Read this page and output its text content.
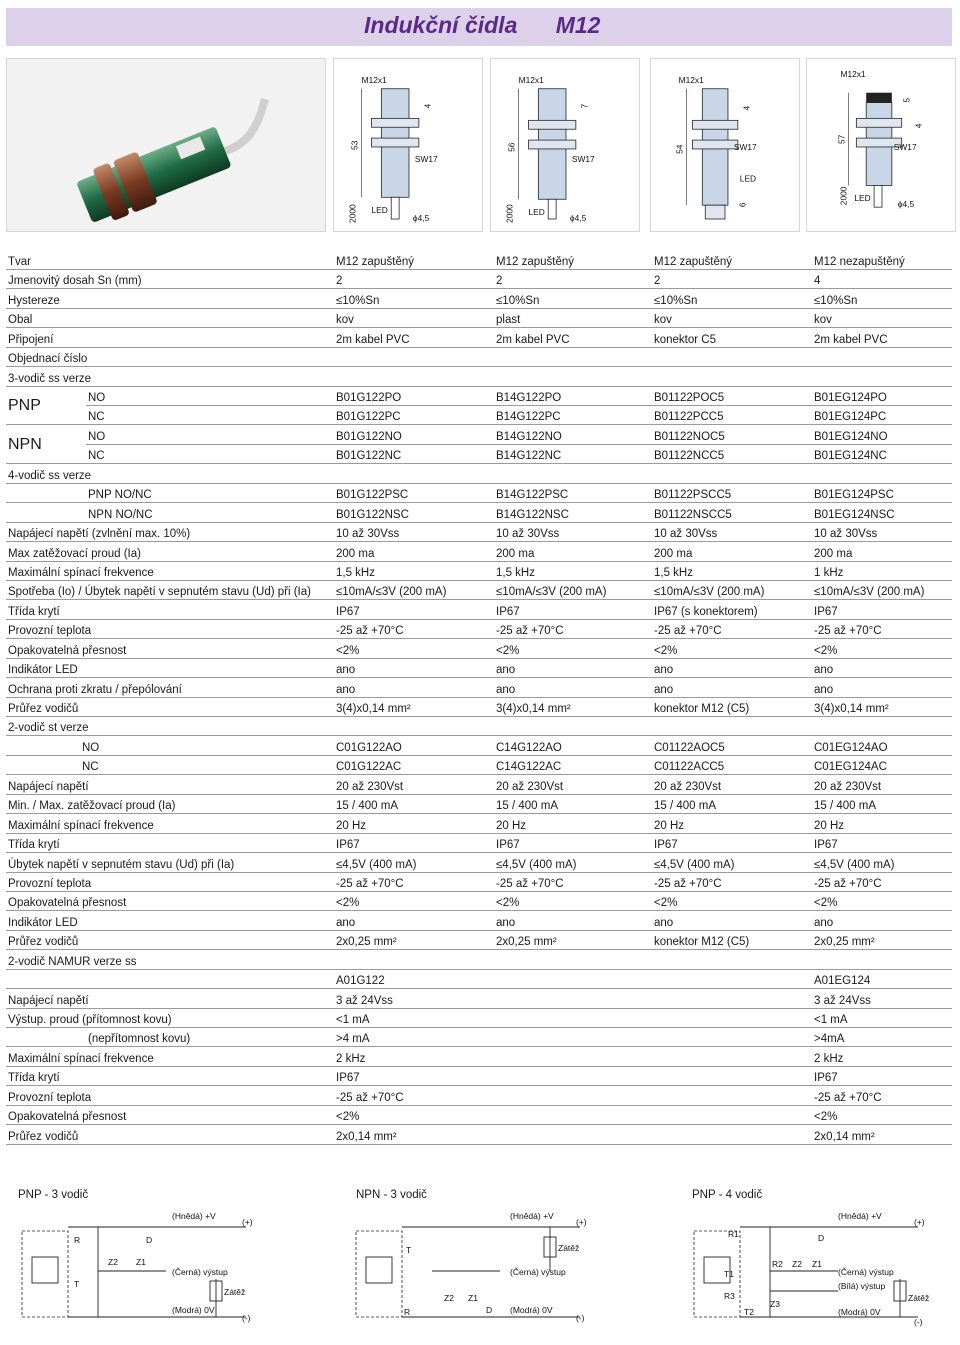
Indukční čidla      M12
M12x1
53
SW17
4
2000 LED
ϕ4,5
M12x1
56
SW17
7
2000 LED
ϕ4,5
M12x1
54	SW17
4
LED
6
M12x1
57
SW17
5
4
2000 LED
ϕ4,5
Tvar		M12 zapuštěný	M12 zapuštěný	M12 zapuštěný	M12 nezapuštěný
Jmenovitý dosah Sn (mm)		2	2	2	4
Hystereze		≤10%Sn	≤10%Sn	≤10%Sn	≤10%Sn
Obal		kov	plast	kov	kov
Připojení		2m kabel PVC	2m kabel PVC	konektor C5	2m kabel PVC
Objednací číslo					
3-vodič ss verze					
PNP	NO	B01G122PO	B14G122PO	B01122POC5	B01EG124PO
	NC	B01G122PC	B14G122PC	B01122PCC5	B01EG124PC
NPN	NO	B01G122NO	B14G122NO	B01122NOC5	B01EG124NO
	NC	B01G122NC	B14G122NC	B01122NCC5	B01EG124NC
4-vodič ss verze					
PNP NO/NC		B01G122PSC	B14G122PSC	B01122PSCC5	B01EG124PSC
NPN NO/NC		B01G122NSC	B14G122NSC	B01122NSCC5	B01EG124NSC
Napájecí napětí (zvlnění max. 10%)		10 až 30Vss	10 až 30Vss	10 až 30Vss	10 až 30Vss
Max zatěžovací proud (Ia)		200 ma	200 ma	200 ma	200 ma
Maximální spínací frekvence		1,5 kHz	1,5 kHz	1,5 kHz	1 kHz
Spotřeba (Io) / Úbytek napětí v sepnutém stavu (Ud) při (Ia)		≤10mA/≤3V (200 mA)	≤10mA/≤3V (200 mA)	≤10mA/≤3V (200 mA)	≤10mA/≤3V (200 mA)
Třída krytí		IP67	IP67	IP67 (s konektorem)	IP67
Provozní teplota		-25 až +70°C	-25 až +70°C	-25 až +70°C	-25 až +70°C
Opakovatelná přesnost		<2%	<2%	<2%	<2%
Indikátor LED		ano	ano	ano	ano
Ochrana proti zkratu / přepólování		ano	ano	ano	ano
Průřez vodičů		3(4)x0,14 mm²	3(4)x0,14 mm²	konektor M12 (C5)	3(4)x0,14 mm²
2-vodič st verze					
NO		C01G122AO	C14G122AO	C01122AOC5	C01EG124AO
NC		C01G122AC	C14G122AC	C01122ACC5	C01EG124AC
Napájecí napětí		20 až 230Vst	20 až 230Vst	20 až 230Vst	20 až 230Vst
Min. / Max. zatěžovací proud (Ia)		15 / 400 mA	15 / 400 mA	15 / 400 mA	15 / 400 mA
Maximální spínací frekvence		20 Hz	20 Hz	20 Hz	20 Hz
Třída krytí		IP67	IP67	IP67	IP67
Úbytek napětí v sepnutém stavu (Ud) při (Ia)		≤4,5V (400 mA)	≤4,5V (400 mA)	≤4,5V (400 mA)	≤4,5V (400 mA)
Provozní teplota		-25 až +70°C	-25 až +70°C	-25 až +70°C	-25 až +70°C
Opakovatelná přesnost		<2%	<2%	<2%	<2%
Indikátor LED		ano	ano	ano	ano
Průřez vodičů		2x0,25 mm²	2x0,25 mm²	konektor M12 (C5)	2x0,25 mm²
2-vodič NAMUR verze ss					
		A01G122			A01EG124
Napájecí napětí		3 až 24Vss			3 až 24Vss
Výstup. proud (přítomnost kovu)		<1 mA			<1 mA
(nepřítomnost kovu)		>4 mA			>4mA
Maximální spínací frekvence		2 kHz			2 kHz
Třída krytí		IP67			IP67
Provozní teplota		-25 až +70°C			-25 až +70°C
Opakovatelná přesnost		<2%			<2%
Průřez vodičů		2x0,14 mm²			2x0,14 mm²
PNP - 3 vodič	NPN - 3 vodič	PNP - 4 vodič
R	D
T
Z2 Z1
(Hnědá) +V
(Černá) výstup
(Modrá) 0V
Zátěž
(+)
(-)
T
R	D
Z2 Z1
(Hnědá) +V
(Černá) výstup
(Modrá) 0V
Zátěž
(+)
(-)
R1	D
R2 Z2 Z1
T1
R3
T2
Z3
(Hnědá) +V
(Černá) výstup
(Bílá) výstup
(Modrá) 0V
Zátěž
(+)
(-)
